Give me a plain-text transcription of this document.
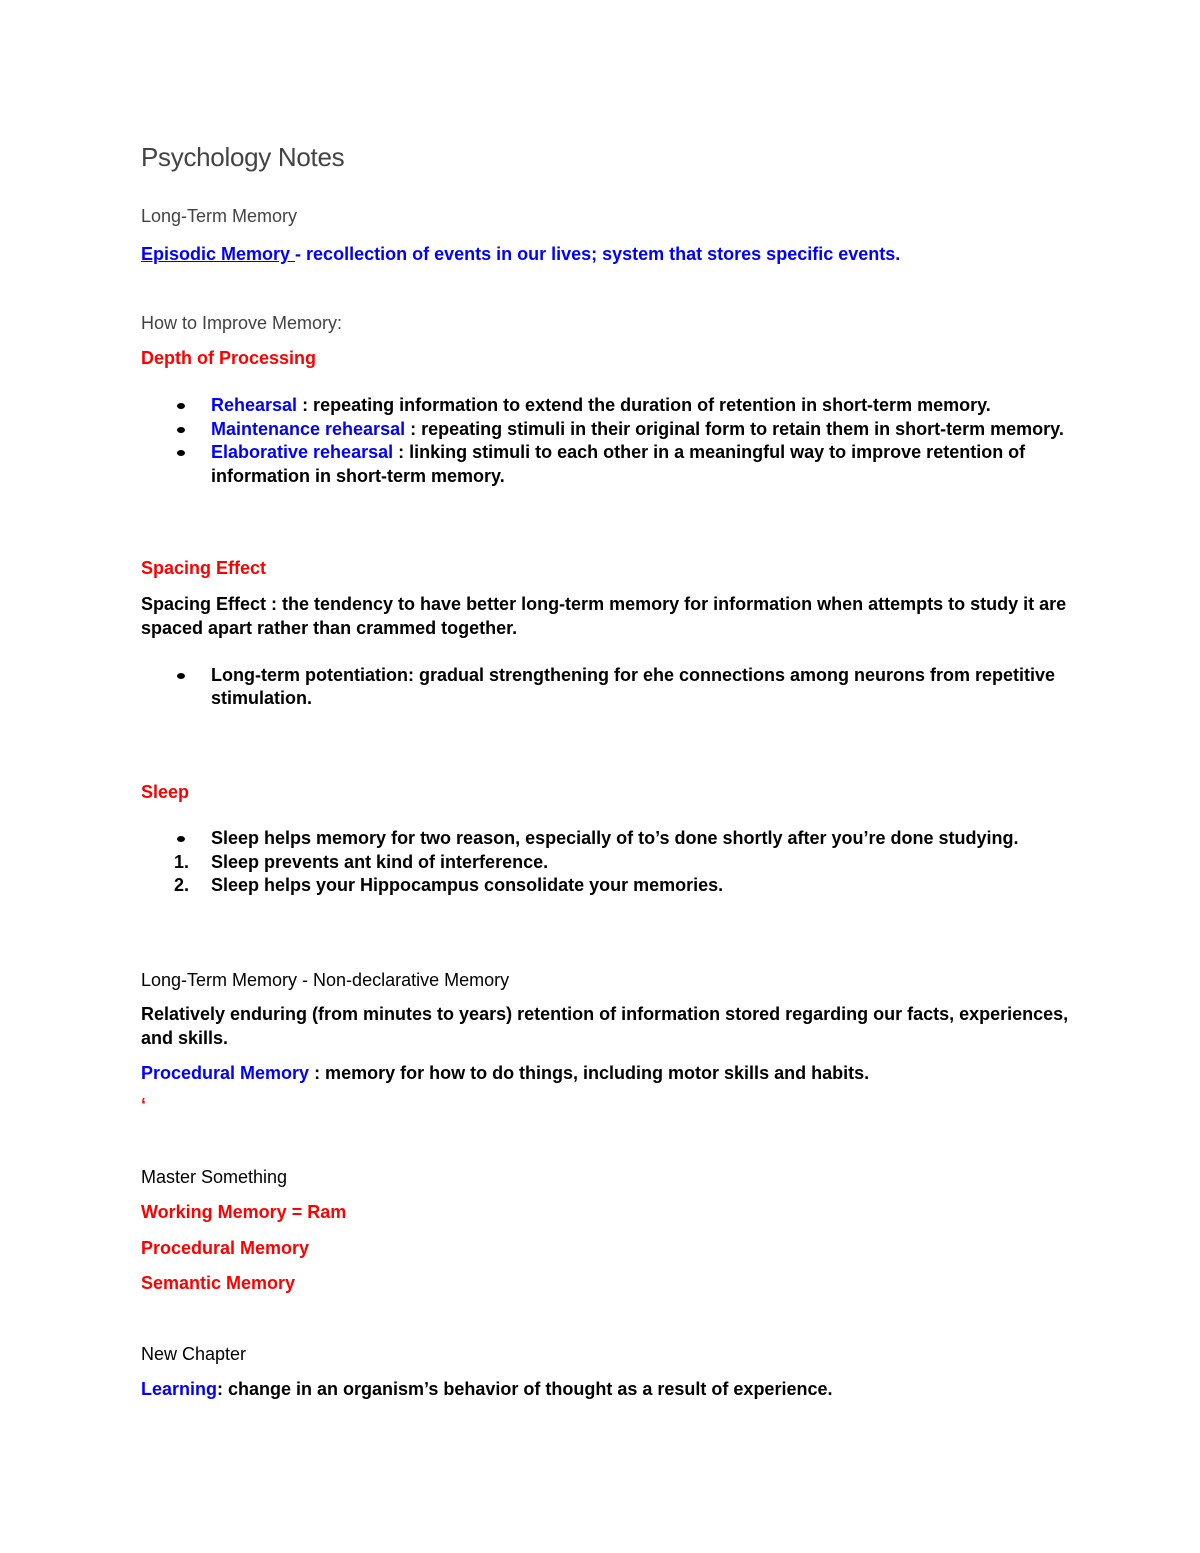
Psychology Notes
Long-Term Memory
Episodic Memory - recollection of events in our lives; system that stores specific events.
How to Improve Memory:
Depth of Processing
Rehearsal : repeating information to extend the duration of retention in short-term memory.
Maintenance rehearsal : repeating stimuli in their original form to retain them in short-term memory.
Elaborative rehearsal : linking stimuli to each other in a meaningful way to improve retention of
information in short-term memory.
Spacing Effect
Spacing Effect : the tendency to have better long-term memory for information when attempts to study it are
spaced apart rather than crammed together.
Long-term potentiation: gradual strengthening for ehe connections among neurons from repetitive
stimulation.
Sleep
Sleep helps memory for two reason, especially of to’s done shortly after you’re done studying.
1. Sleep prevents ant kind of interference.
2. Sleep helps your Hippocampus consolidate your memories.
Long-Term Memory - Non-declarative Memory
Relatively enduring (from minutes to years) retention of information stored regarding our facts, experiences,
and skills.
Procedural Memory : memory for how to do things, including motor skills and habits.
‘
Master Something
Working Memory = Ram
Procedural Memory
Semantic Memory
New Chapter
Learning: change in an organism’s behavior of thought as a result of experience.
